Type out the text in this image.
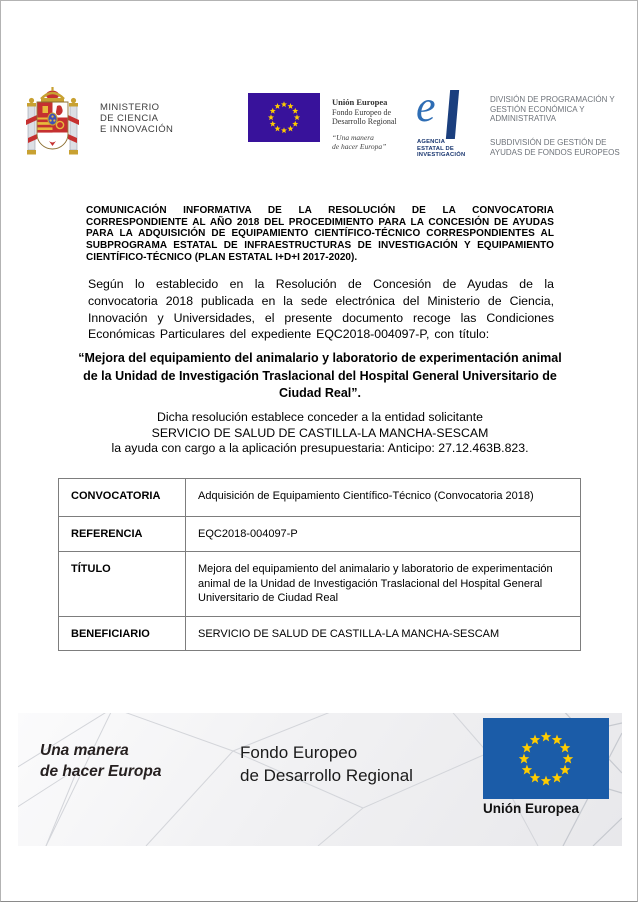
MINISTERIO
DE CIENCIA
E INNOVACIÓN
Unión Europea
Fondo Europeo de
Desarrollo Regional
“Una manera
de hacer Europa”
e
AGENCIA
ESTATAL DE
INVESTIGACIÓN
DIVISIÓN DE PROGRAMACIÓN Y
GESTIÓN ECONÓMICA Y
ADMINISTRATIVA
SUBDIVISIÓN DE GESTIÓN DE
AYUDAS DE FONDOS EUROPEOS
COMUNICACIÓN INFORMATIVA DE LA RESOLUCIÓN DE LA CONVOCATORIA CORRESPONDIENTE AL AÑO 2018 DEL PROCEDIMIENTO PARA LA CONCESIÓN DE AYUDAS PARA LA ADQUISICIÓN DE EQUIPAMIENTO CIENTÍFICO-TÉCNICO CORRESPONDIENTES AL SUBPROGRAMA ESTATAL DE INFRAESTRUCTURAS DE INVESTIGACIÓN Y EQUIPAMIENTO CIENTÍFICO-TÉCNICO (PLAN ESTATAL I+D+I 2017-2020).
Según lo establecido en la Resolución de Concesión de Ayudas de la convocatoria 2018 publicada en la sede electrónica del Ministerio de Ciencia, Innovación y Universidades, el presente documento recoge las Condiciones Económicas Particulares del expediente EQC2018-004097-P, con título:
“Mejora del equipamiento del animalario y laboratorio de experimentación animal de la Unidad de Investigación Traslacional del Hospital General Universitario de Ciudad Real”.
Dicha resolución establece conceder a la entidad solicitante
SERVICIO DE SALUD DE CASTILLA-LA MANCHA-SESCAM
la ayuda con cargo a la aplicación presupuestaria: Anticipo: 27.12.463B.823.
CONVOCATORIA	Adquisición de Equipamiento Científico-Técnico (Convocatoria 2018)
REFERENCIA	EQC2018-004097-P
TÍTULO	Mejora del equipamiento del animalario y laboratorio de experimentación animal de la Unidad de Investigación Traslacional del Hospital General Universitario de Ciudad Real
BENEFICIARIO	SERVICIO DE SALUD DE CASTILLA-LA MANCHA-SESCAM
Una manera
de hacer Europa
Fondo Europeo
de Desarrollo Regional
Unión Europea
